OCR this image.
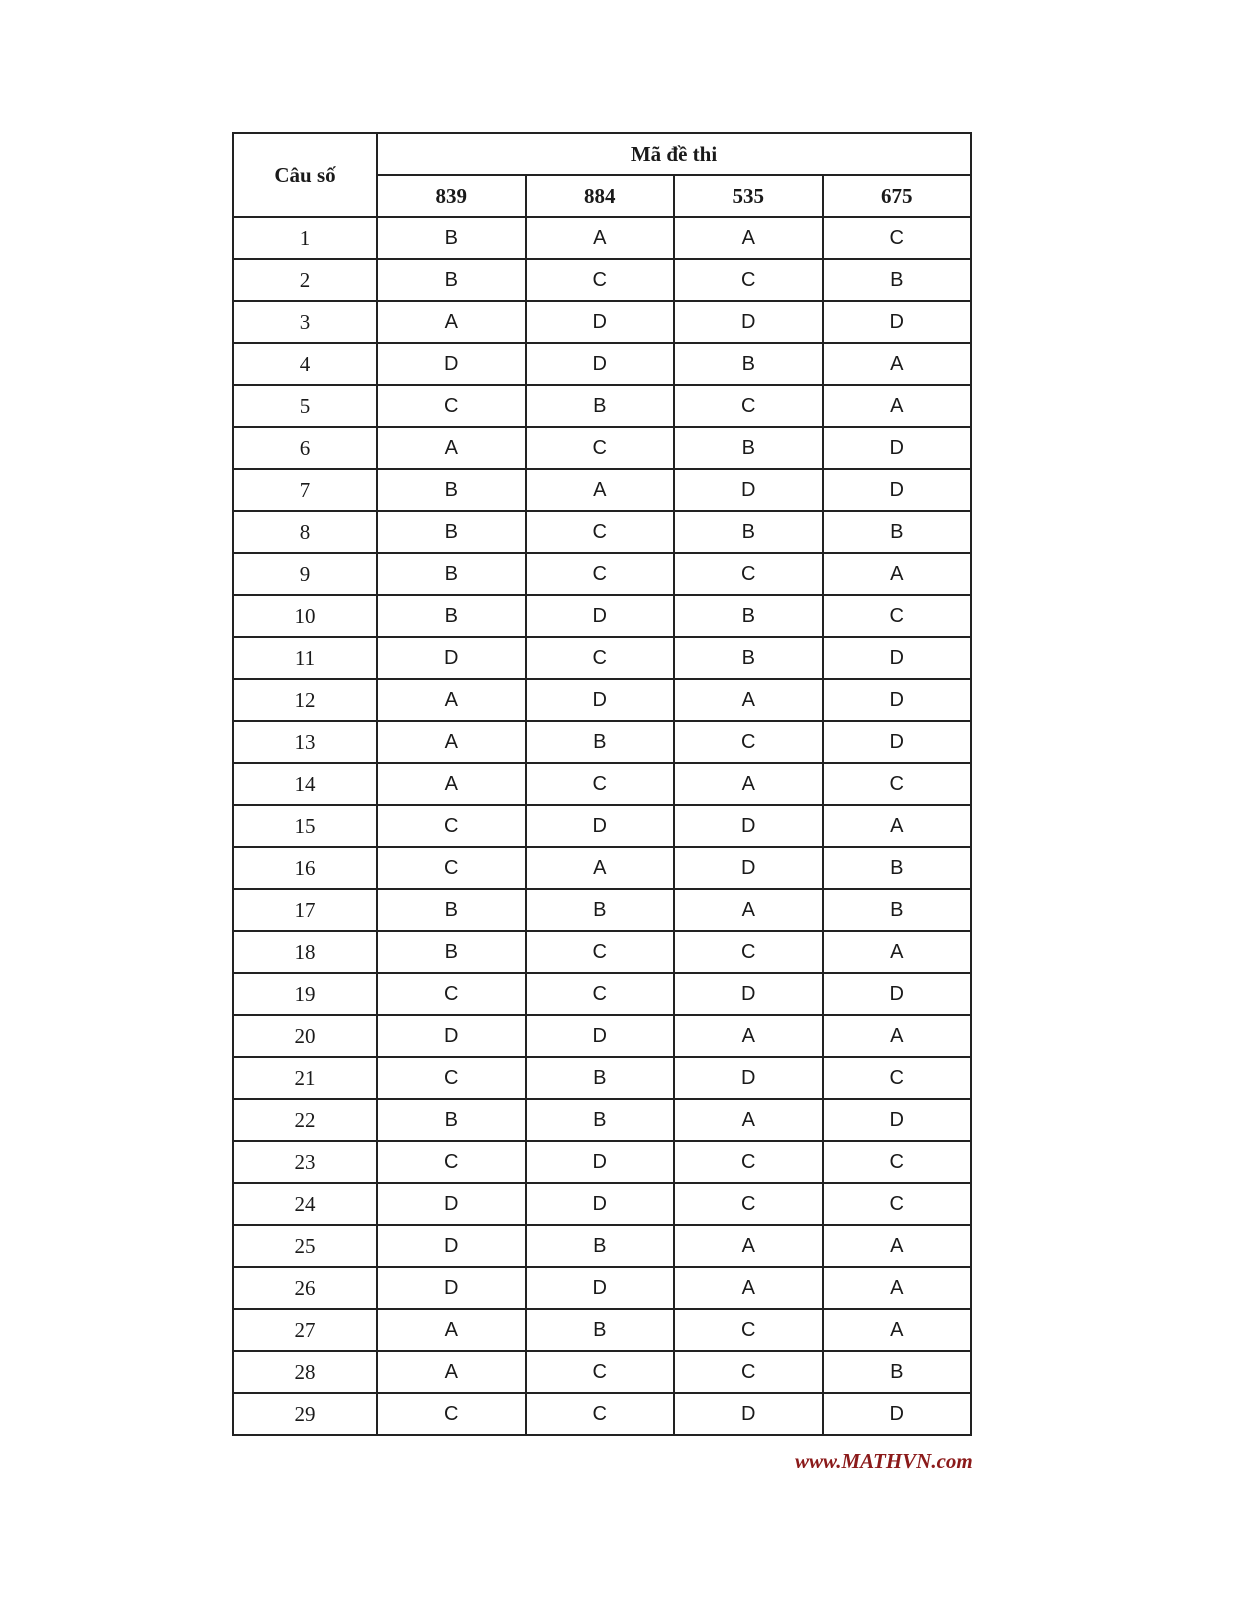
Câu số	Mã đề thi			
	839	884	535	675
1	B	A	A	C
2	B	C	C	B
3	A	D	D	D
4	D	D	B	A
5	C	B	C	A
6	A	C	B	D
7	B	A	D	D
8	B	C	B	B
9	B	C	C	A
10	B	D	B	C
11	D	C	B	D
12	A	D	A	D
13	A	B	C	D
14	A	C	A	C
15	C	D	D	A
16	C	A	D	B
17	B	B	A	B
18	B	C	C	A
19	C	C	D	D
20	D	D	A	A
21	C	B	D	C
22	B	B	A	D
23	C	D	C	C
24	D	D	C	C
25	D	B	A	A
26	D	D	A	A
27	A	B	C	A
28	A	C	C	B
29	C	C	D	D
www.MATHVN.com
